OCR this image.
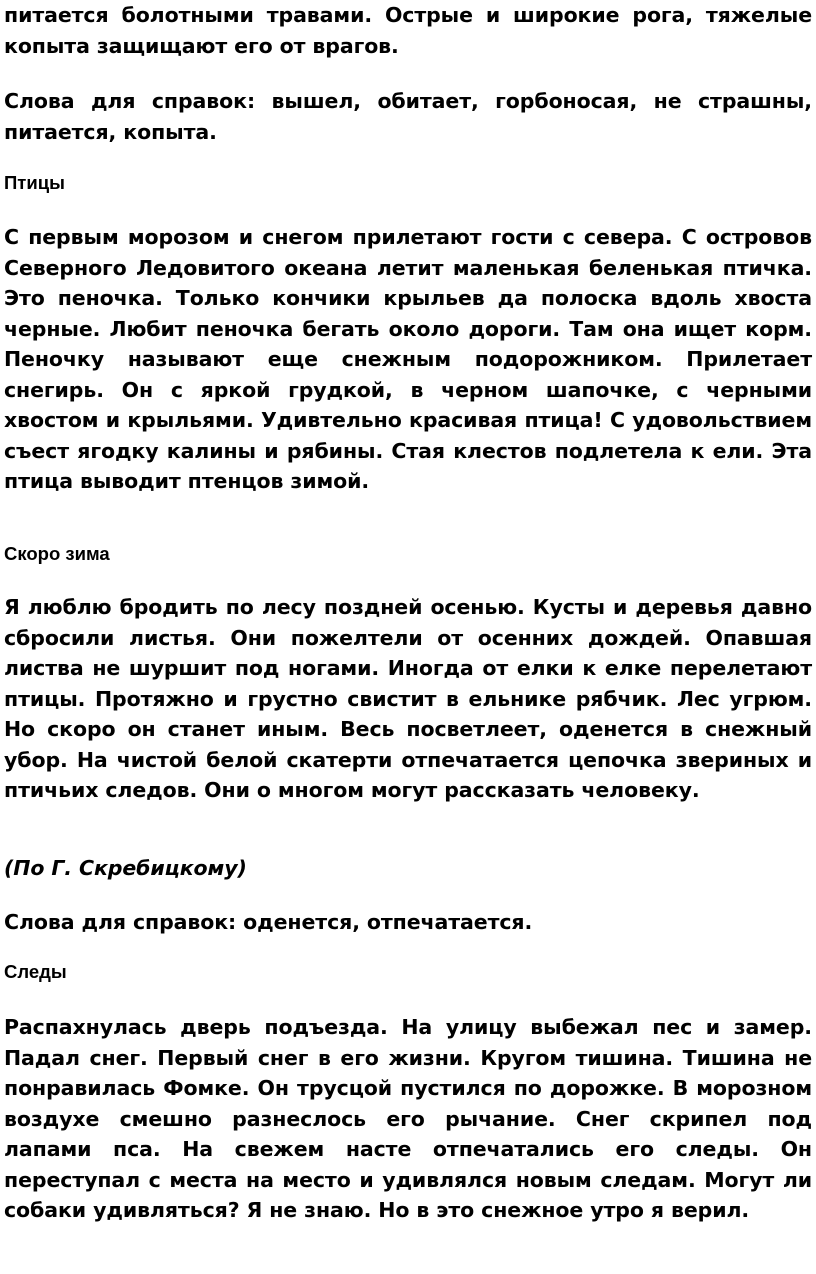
питается болотными травами. Острые и широкие рога, тяжелые копыта защищают его от врагов.

Слова для справок: вышел, обитает, горбоносая, не страшны, питается, копыта.

Птицы

С первым морозом и снегом прилетают гости с севера. С островов Северного Ледовитого океана летит маленькая беленькая птичка. Это пеночка. Только кончики крыльев да полоска вдоль хвоста черные. Любит пеночка бегать около дороги. Там она ищет корм. Пеночку называют еще снежным подорожником. Прилетает снегирь. Он с яркой грудкой, в черном шапочке, с черными хвостом и крыльями. Удивтельно красивая птица! С удовольствием съест ягодку калины и рябины. Стая клестов подлетела к ели. Эта птица выводит птенцов зимой.

Скоро зима

Я люблю бродить по лесу поздней осенью. Кусты и деревья давно сбросили листья. Они пожелтели от осенних дождей. Опавшая листва не шуршит под ногами. Иногда от елки к елке перелетают птицы. Протяжно и грустно свистит в ельнике рябчик. Лес угрюм. Но скоро он станет иным. Весь посветлеет, оденется в снежный убор. На чистой белой скатерти отпечатается цепочка звериных и птичьих следов. Они о многом могут рассказать человеку.

(По Г. Скребицкому)

Слова для справок: оденется, отпечатается.

Следы

Распахнулась дверь подъезда. На улицу выбежал пес и замер. Падал снег. Первый снег в его жизни. Кругом тишина. Тишина не понравилась Фомке. Он трусцой пустился по дорожке. В морозном воздухе смешно разнеслось его рычание. Снег скрипел под лапами пса. На свежем насте отпечатались его следы. Он переступал с места на место и удивлялся новым следам. Могут ли собаки удивляться? Я не знаю. Но в это снежное утро я верил.
